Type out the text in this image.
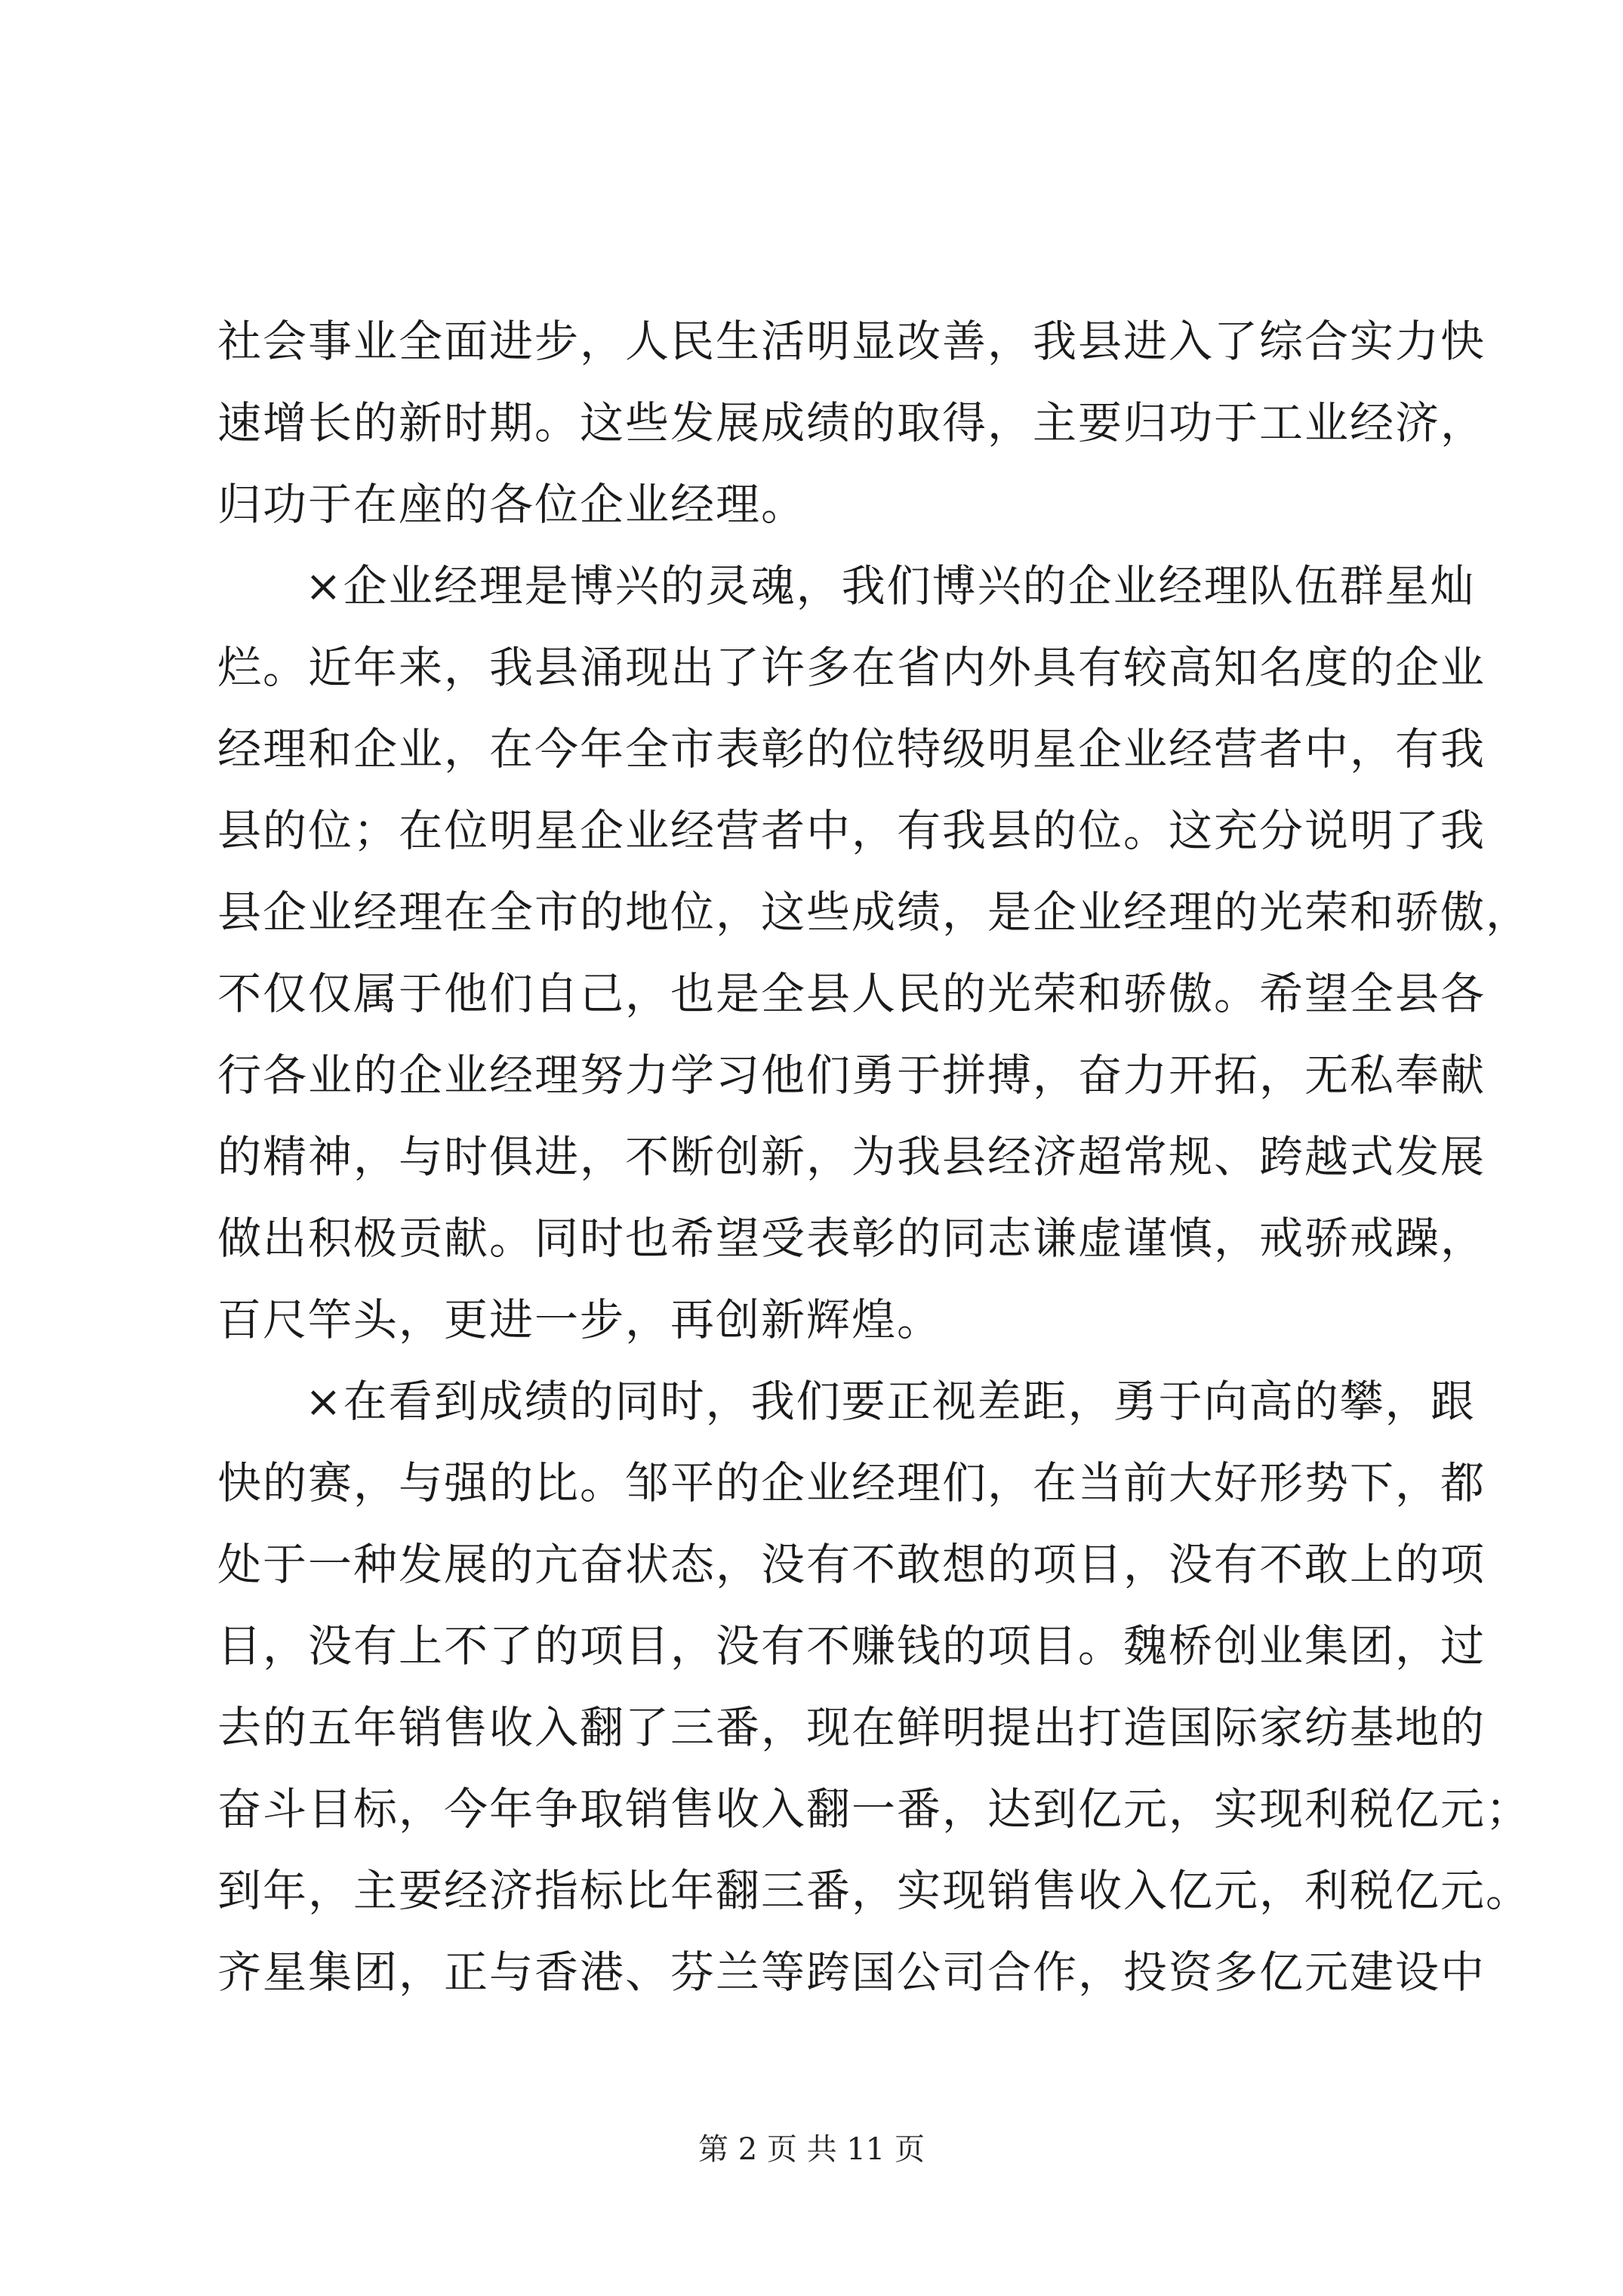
社会事业全面进步，人民生活明显改善，我县进入了综合实力快
速增长的新时期。这些发展成绩的取得，主要归功于工业经济，
归功于在座的各位企业经理。
×企业经理是博兴的灵魂，我们博兴的企业经理队伍群星灿
烂。近年来，我县涌现出了许多在省内外具有较高知名度的企业
经理和企业，在今年全市表彰的位特级明星企业经营者中，有我
县的位；在位明星企业经营者中，有我县的位。这充分说明了我
县企业经理在全市的地位，这些成绩，是企业经理的光荣和骄傲，
不仅仅属于他们自己，也是全县人民的光荣和骄傲。希望全县各
行各业的企业经理努力学习他们勇于拼搏，奋力开拓，无私奉献
的精神，与时俱进，不断创新，为我县经济超常规、跨越式发展
做出积极贡献。同时也希望受表彰的同志谦虚谨慎，戒骄戒躁，
百尺竿头，更进一步，再创新辉煌。
×在看到成绩的同时，我们要正视差距，勇于向高的攀，跟
快的赛，与强的比。邹平的企业经理们，在当前大好形势下，都
处于一种发展的亢奋状态，没有不敢想的项目，没有不敢上的项
目，没有上不了的项目，没有不赚钱的项目。魏桥创业集团，过
去的五年销售收入翻了三番，现在鲜明提出打造国际家纺基地的
奋斗目标，今年争取销售收入翻一番，达到亿元，实现利税亿元；
到年，主要经济指标比年翻三番，实现销售收入亿元，利税亿元。
齐星集团，正与香港、芬兰等跨国公司合作，投资多亿元建设中
第 2 页 共 11 页
